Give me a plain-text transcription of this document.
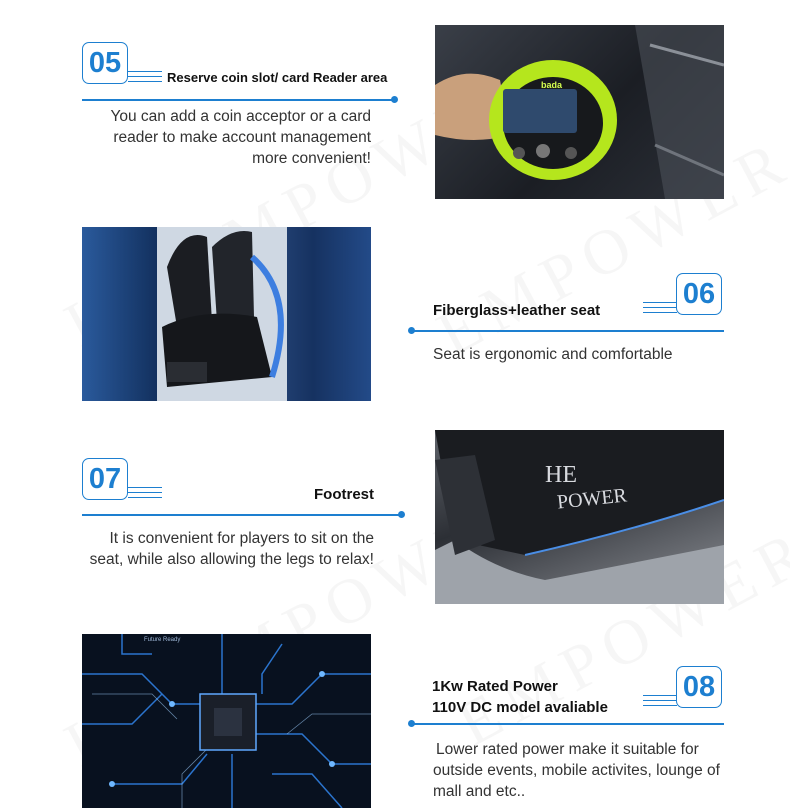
05	Reserve coin slot/ card Reader area
You can add a coin acceptor or a card
reader to make account management
more convenient!
bada
06
Fiberglass+leather seat
Seat is ergonomic and comfortable
07	Footrest
It is convenient for players to sit on the
seat, while also allowing the legs to relax!
HE
POWER
Future Ready
08
1Kw Rated Power
110V DC model avaliable
Lower rated power make it suitable for
outside events, mobile activites, lounge of
mall and etc..
